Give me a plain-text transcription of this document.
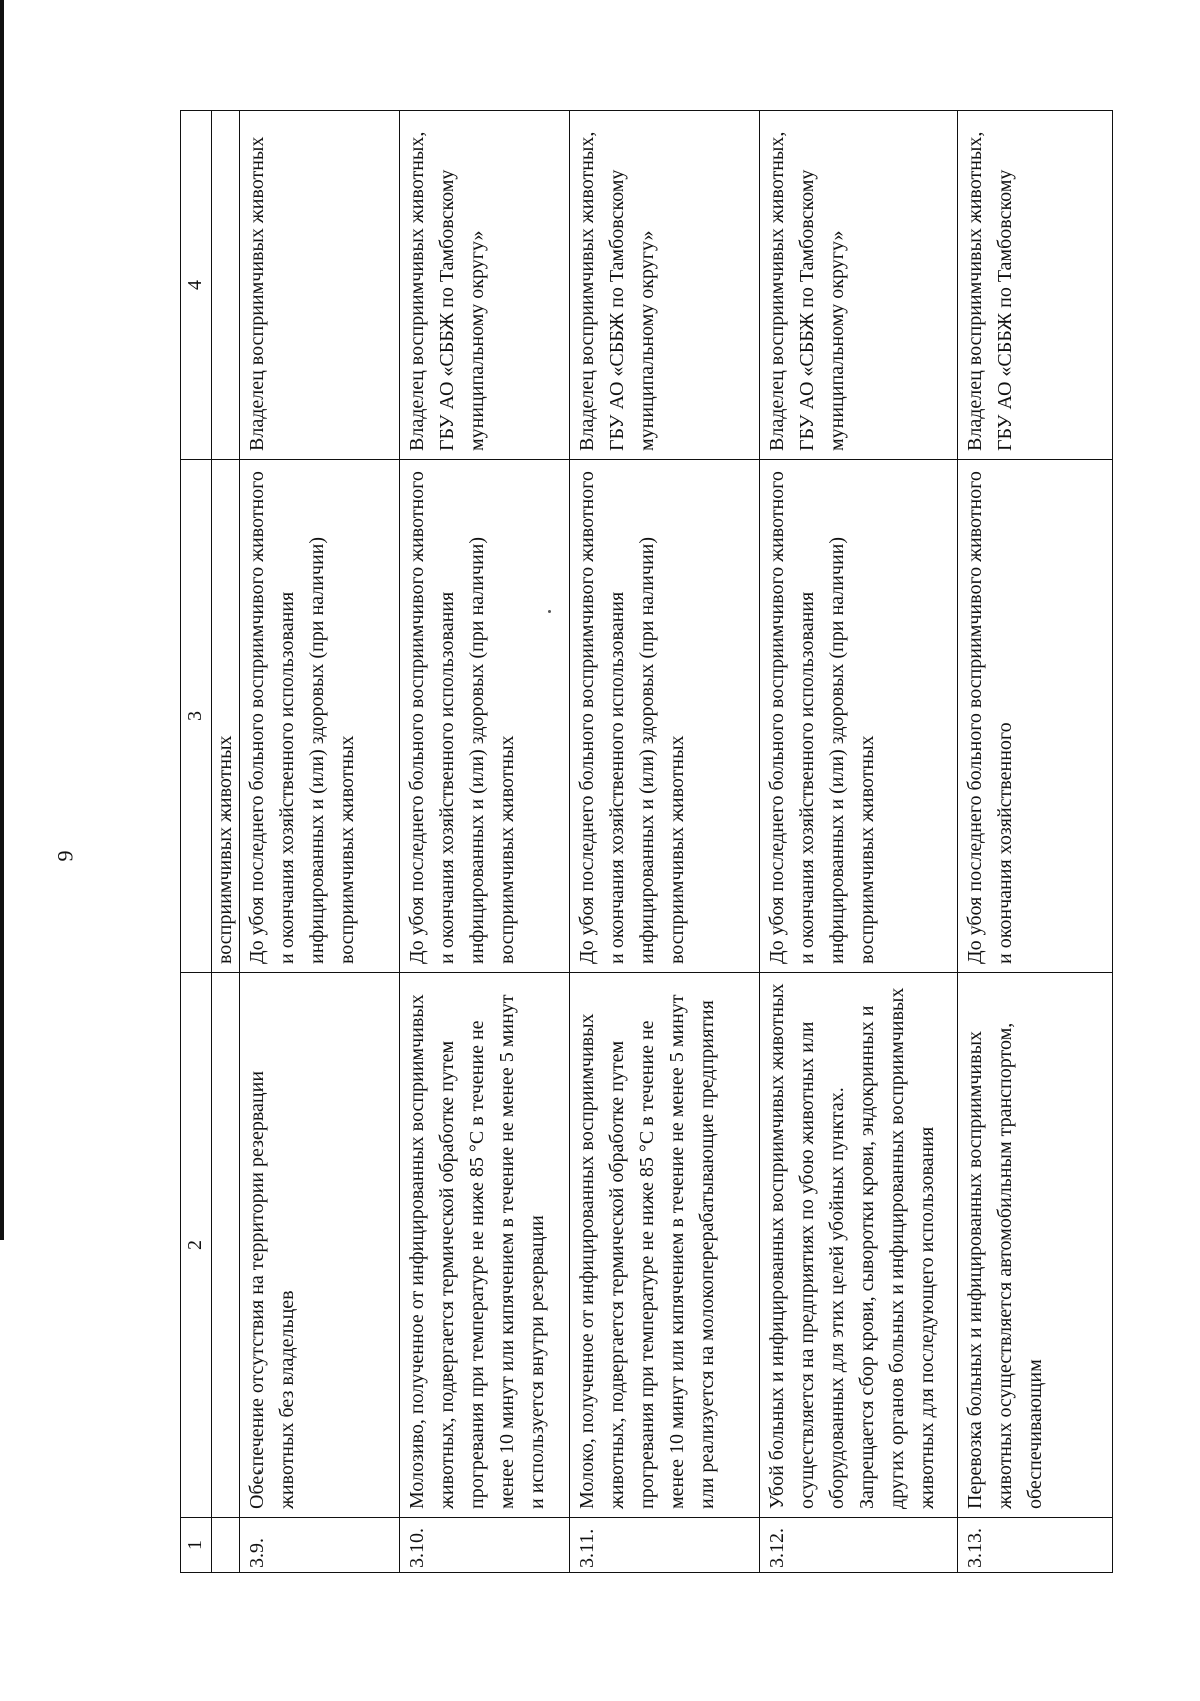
9
1	2	3	4
		восприимчивых животных	
3.9.	Обеспечение отсутствия на территории резервации животных без владельцев	До убоя последнего больного восприимчивого животного и окончания хозяйственного использования инфицированных и (или) здоровых (при наличии) восприимчивых животных	Владелец восприимчивых животных
3.10.	Молозиво, полученное от инфицированных восприимчивых животных, подвергается термической обработке путем прогревания при температуре не ниже 85 °С в течение не менее 10 минут или кипячением в течение не менее 5 минут и используется внутри резервации	До убоя последнего больного восприимчивого животного и окончания хозяйственного использования инфицированных и (или) здоровых (при наличии) восприимчивых животных	Владелец восприимчивых животных, ГБУ АО «СББЖ по Тамбовскому муниципальному округу»
3.11.	Молоко, полученное от инфицированных восприимчивых животных, подвергается термической обработке путем прогревания при температуре не ниже 85 °С в течение не менее 10 минут или кипячением в течение не менее 5 минут или реализуется на молокоперерабатывающие предприятия	До убоя последнего больного восприимчивого животного и окончания хозяйственного использования инфицированных и (или) здоровых (при наличии) восприимчивых животных	Владелец восприимчивых животных, ГБУ АО «СББЖ по Тамбовскому муниципальному округу»
3.12.	Убой больных и инфицированных восприимчивых животных осуществляется на предприятиях по убою животных или оборудованных для этих целей убойных пунктах. Запрещается сбор крови, сыворотки крови, эндокринных и других органов больных и инфицированных восприимчивых животных для последующего использования	До убоя последнего больного восприимчивого животного и окончания хозяйственного использования инфицированных и (или) здоровых (при наличии) восприимчивых животных	Владелец восприимчивых животных, ГБУ АО «СББЖ по Тамбовскому муниципальному округу»
3.13.	Перевозка больных и инфицированных восприимчивых животных осуществляется автомобильным транспортом, обеспечивающим	До убоя последнего больного восприимчивого животного и окончания хозяйственного	Владелец восприимчивых животных, ГБУ АО «СББЖ по Тамбовскому
